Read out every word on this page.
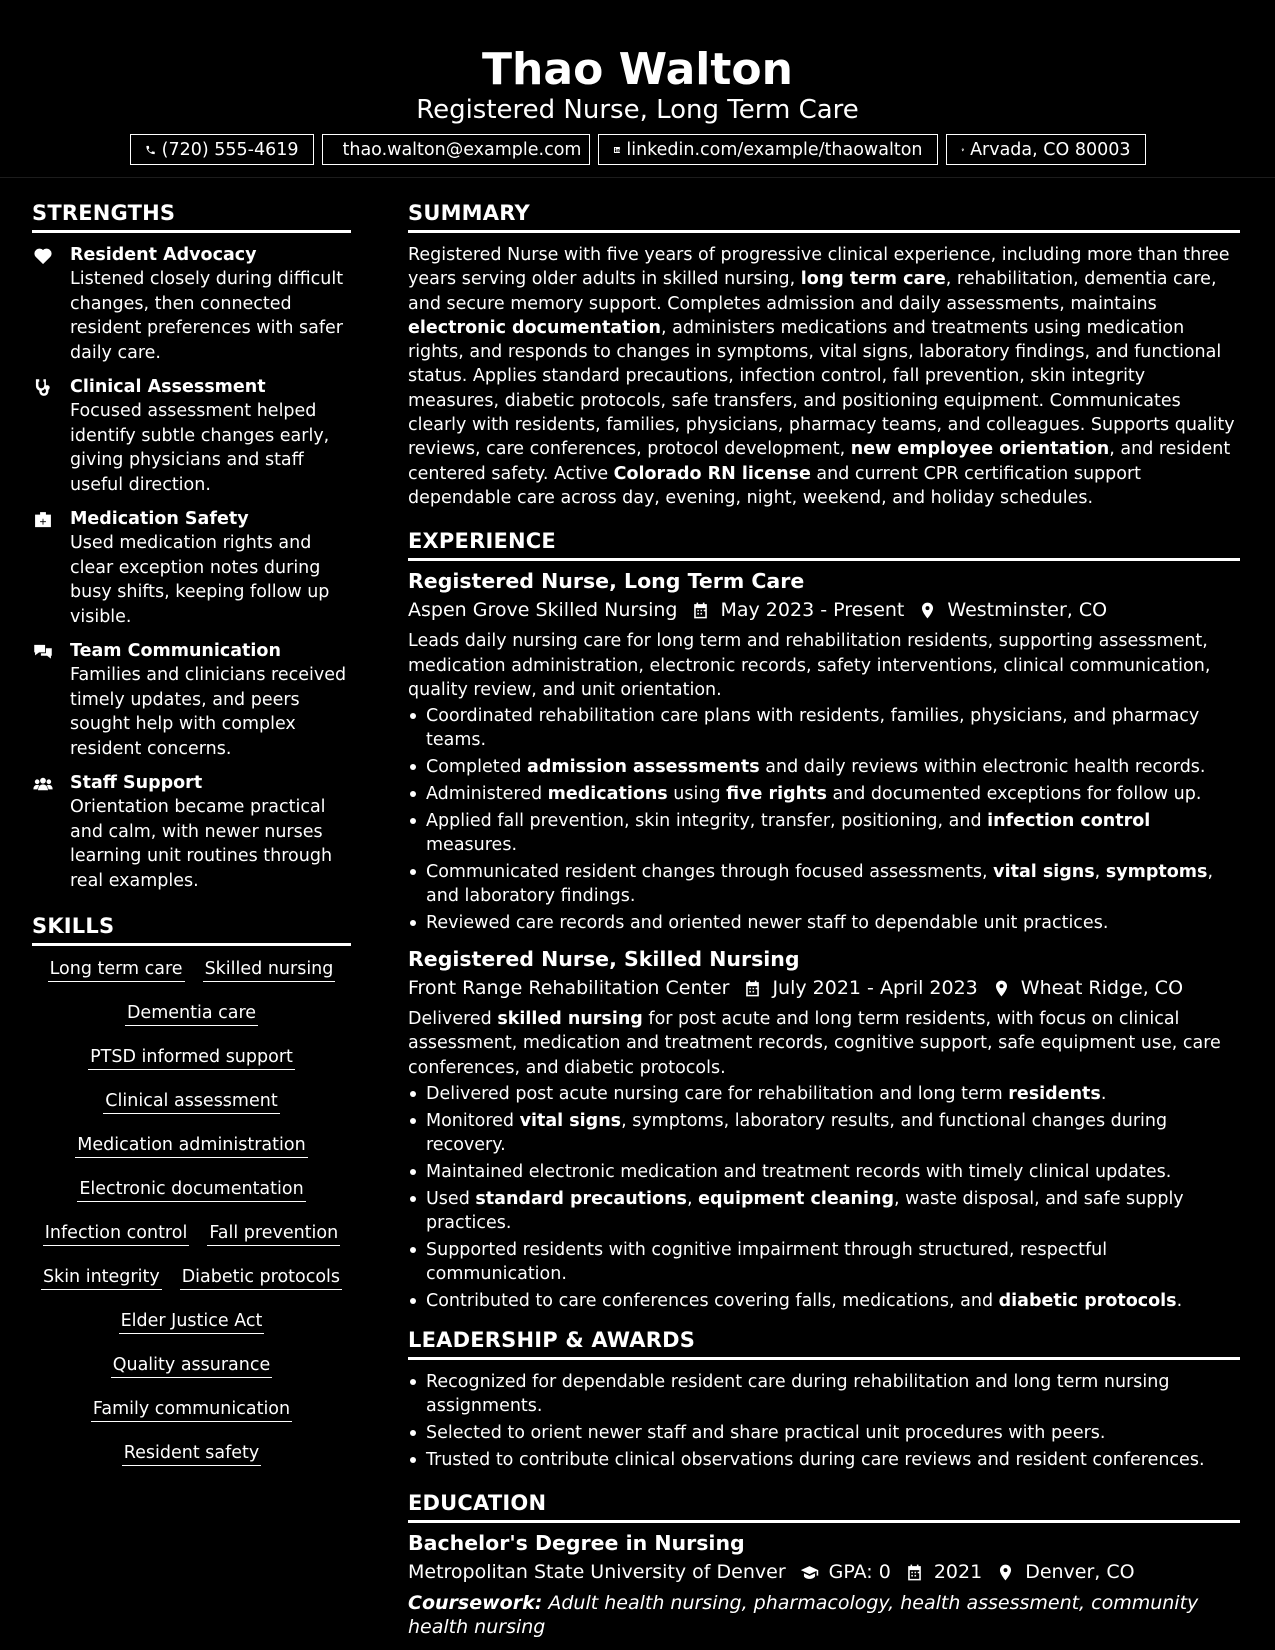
Thao Walton
Registered Nurse, Long Term Care
(720) 555-4619	thao.walton@example.com	linkedin.com/example/thaowalton	Arvada, CO 80003
STRENGTHS
Resident Advocacy
Listened closely during difficult changes, then connected resident preferences with safer daily care.
Clinical Assessment
Focused assessment helped identify subtle changes early, giving physicians and staff useful direction.
Medication Safety
Used medication rights and clear exception notes during busy shifts, keeping follow up visible.
Team Communication
Families and clinicians received timely updates, and peers sought help with complex resident concerns.
Staff Support
Orientation became practical and calm, with newer nurses learning unit routines through real examples.
SKILLS
Long term care Skilled nursing
Dementia care
PTSD informed support
Clinical assessment
Medication administration
Electronic documentation
Infection control Fall prevention
Skin integrity Diabetic protocols
Elder Justice Act
Quality assurance
Family communication
Resident safety
SUMMARY
Registered Nurse with five years of progressive clinical experience, including more than three years serving older adults in skilled nursing, long term care, rehabilitation, dementia care, and secure memory support. Completes admission and daily assessments, maintains electronic documentation, administers medications and treatments using medication rights, and responds to changes in symptoms, vital signs, laboratory findings, and functional status. Applies standard precautions, infection control, fall prevention, skin integrity measures, diabetic protocols, safe transfers, and positioning equipment. Communicates clearly with residents, families, physicians, pharmacy teams, and colleagues. Supports quality reviews, care conferences, protocol development, new employee orientation, and resident centered safety. Active Colorado RN license and current CPR certification support dependable care across day, evening, night, weekend, and holiday schedules.
EXPERIENCE
Registered Nurse, Long Term Care
Aspen Grove Skilled Nursing May 2023 - Present Westminster, CO
Leads daily nursing care for long term and rehabilitation residents, supporting assessment, medication administration, electronic records, safety interventions, clinical communication, quality review, and unit orientation.
Coordinated rehabilitation care plans with residents, families, physicians, and pharmacy teams.
Completed admission assessments and daily reviews within electronic health records.
Administered medications using five rights and documented exceptions for follow up.
Applied fall prevention, skin integrity, transfer, positioning, and infection control measures.
Communicated resident changes through focused assessments, vital signs, symptoms, and laboratory findings.
Reviewed care records and oriented newer staff to dependable unit practices.
Registered Nurse, Skilled Nursing
Front Range Rehabilitation Center July 2021 - April 2023 Wheat Ridge, CO
Delivered skilled nursing for post acute and long term residents, with focus on clinical assessment, medication and treatment records, cognitive support, safe equipment use, care conferences, and diabetic protocols.
Delivered post acute nursing care for rehabilitation and long term residents.
Monitored vital signs, symptoms, laboratory results, and functional changes during recovery.
Maintained electronic medication and treatment records with timely clinical updates.
Used standard precautions, equipment cleaning, waste disposal, and safe supply practices.
Supported residents with cognitive impairment through structured, respectful communication.
Contributed to care conferences covering falls, medications, and diabetic protocols.
LEADERSHIP & AWARDS
Recognized for dependable resident care during rehabilitation and long term nursing assignments.
Selected to orient newer staff and share practical unit procedures with peers.
Trusted to contribute clinical observations during care reviews and resident conferences.
EDUCATION
Bachelor's Degree in Nursing
Metropolitan State University of Denver GPA: 0 2021 Denver, CO
Coursework: Adult health nursing, pharmacology, health assessment, community health nursing
